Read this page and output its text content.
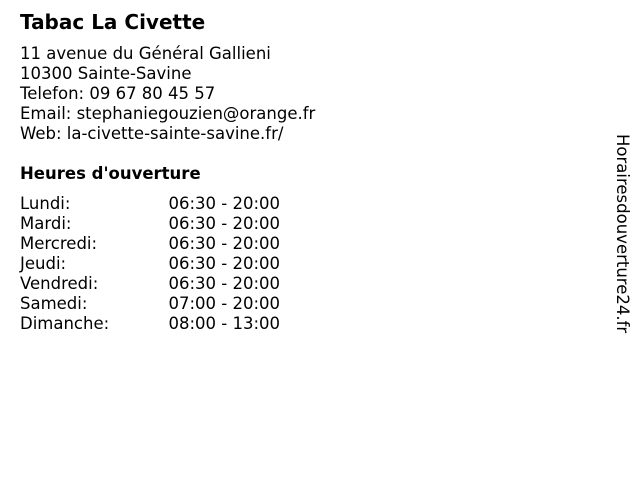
Tabac La Civette
11 avenue du Général Gallieni
10300 Sainte-Savine
Telefon: 09 67 80 45 57
Email: stephaniegouzien@orange.fr
Web: la-civette-sainte-savine.fr/
Heures d'ouverture
Lundi:	06:30 - 20:00
Mardi:	06:30 - 20:00
Mercredi:	06:30 - 20:00
Jeudi:	06:30 - 20:00
Vendredi:	06:30 - 20:00
Samedi:	07:00 - 20:00
Dimanche:	08:00 - 13:00	Horairesdouverture24.fr
